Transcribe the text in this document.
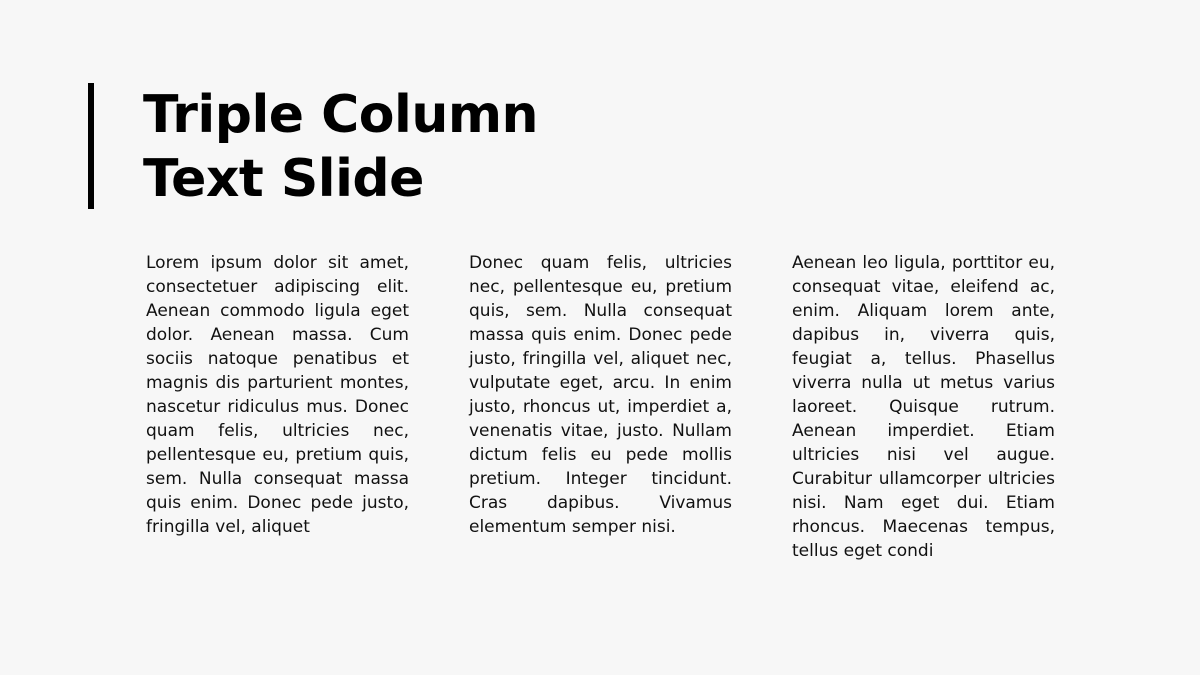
Triple Column
Text Slide

Lorem ipsum dolor sit amet, consectetuer adipiscing elit. Aenean commodo ligula eget dolor. Aenean massa. Cum sociis natoque penatibus et magnis dis parturient montes, nascetur ridiculus mus. Donec quam felis, ultricies nec, pellentesque eu, pretium quis, sem. Nulla consequat massa quis enim. Donec pede justo, fringilla vel, aliquet

Donec quam felis, ultricies nec, pellentesque eu, pretium quis, sem. Nulla consequat massa quis enim. Donec pede justo, fringilla vel, aliquet nec, vulputate eget, arcu. In enim justo, rhoncus ut, imperdiet a, venenatis vitae, justo. Nullam dictum felis eu pede mollis pretium. Integer tincidunt. Cras dapibus. Vivamus elementum semper nisi.

Aenean leo ligula, porttitor eu, consequat vitae, eleifend ac, enim. Aliquam lorem ante, dapibus in, viverra quis, feugiat a, tellus. Phasellus viverra nulla ut metus varius laoreet. Quisque rutrum. Aenean imperdiet. Etiam ultricies nisi vel augue. Curabitur ullamcorper ultricies nisi. Nam eget dui. Etiam rhoncus. Maecenas tempus, tellus eget condi
